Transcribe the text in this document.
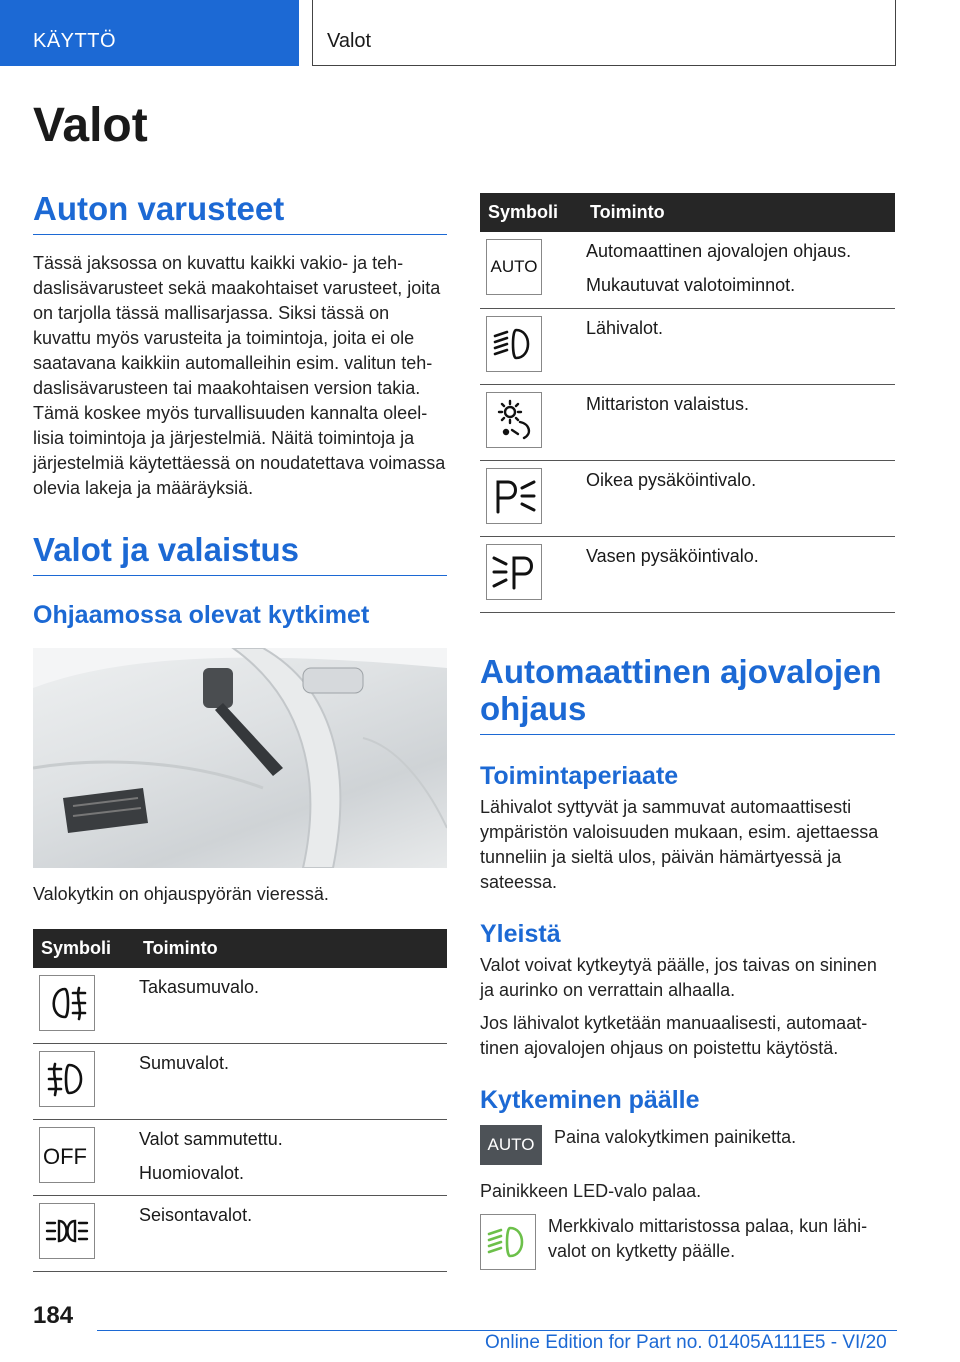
KÄYTTÖ	Valot
Valot
Auton varusteet
Tässä jaksossa on kuvattu kaikki vakio- ja tehdaslisävarusteet sekä maakohtaiset varusteet, joita on tarjolla tässä mallisarjassa. Siksi tässä on kuvattu myös varusteita ja toimintoja, joita ei ole saatavana kaikkiin automalleihin esim. valitun tehdaslisävarusteen tai maakohtaisen version takia. Tämä koskee myös turvallisuuden kannalta oleellisia toimintoja ja järjestelmiä. Näitä toimintoja ja järjestelmiä käytettäessä on noudatettava voimassa olevia lakeja ja määräyksiä.
Valot ja valaistus
Ohjaamossa olevat kytkimet
Valokytkin on ohjauspyörän vieressä.
Symboli	Toiminto

Takasumuvalo.

Sumuvalot.

OFF	Valot sammutettu.
Huomiovalot.

Seisontavalot.
Symboli	Toiminto

AUTO	Automaattinen ajovalojen ohjaus.
Mukautuvat valotoiminnot.

Lähivalot.

Mittariston valaistus.

Oikea pysäköintivalo.

Vasen pysäköintivalo.
Automaattinen ajovalojen ohjaus
Toimintaperiaate
Lähivalot syttyvät ja sammuvat automaattisesti ympäristön valoisuuden mukaan, esim. ajettaessa tunneliin ja sieltä ulos, päivän hämärtyessä ja sateessa.
Yleistä
Valot voivat kytkeytyä päälle, jos taivas on sininen ja aurinko on verrattain alhaalla.
Jos lähivalot kytketään manuaalisesti, automaattinen ajovalojen ohjaus on poistettu käytöstä.
Kytkeminen päälle
AUTO Paina valokytkimen painiketta.
Painikkeen LED-valo palaa.
Merkkivalo mittaristossa palaa, kun lähivalot on kytketty päälle.
184
Online Edition for Part no. 01405A111E5 - VI/20
